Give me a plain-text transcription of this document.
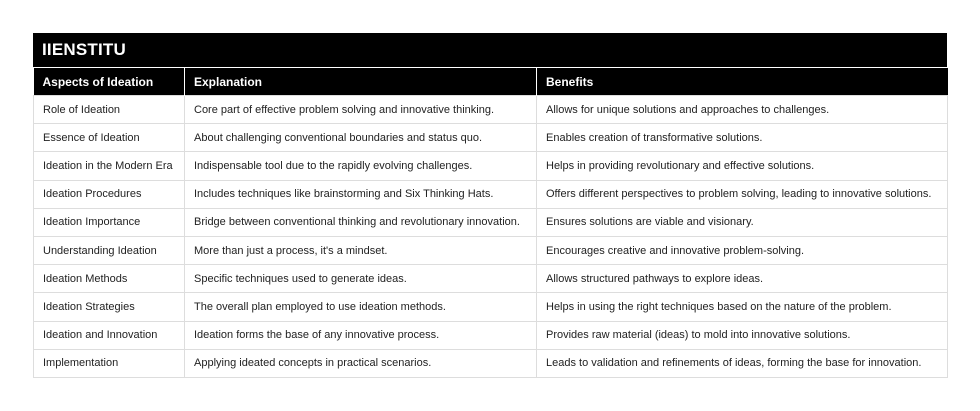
IIENSTITU
Aspects of Ideation	Explanation	Benefits
Role of Ideation	Core part of effective problem solving and innovative thinking.	Allows for unique solutions and approaches to challenges.
Essence of Ideation	About challenging conventional boundaries and status quo.	Enables creation of transformative solutions.
Ideation in the Modern Era	Indispensable tool due to the rapidly evolving challenges.	Helps in providing revolutionary and effective solutions.
Ideation Procedures	Includes techniques like brainstorming and Six Thinking Hats.	Offers different perspectives to problem solving, leading to innovative solutions.
Ideation Importance	Bridge between conventional thinking and revolutionary innovation.	Ensures solutions are viable and visionary.
Understanding Ideation	More than just a process, it's a mindset.	Encourages creative and innovative problem-solving.
Ideation Methods	Specific techniques used to generate ideas.	Allows structured pathways to explore ideas.
Ideation Strategies	The overall plan employed to use ideation methods.	Helps in using the right techniques based on the nature of the problem.
Ideation and Innovation	Ideation forms the base of any innovative process.	Provides raw material (ideas) to mold into innovative solutions.
Implementation	Applying ideated concepts in practical scenarios.	Leads to validation and refinements of ideas, forming the base for innovation.
